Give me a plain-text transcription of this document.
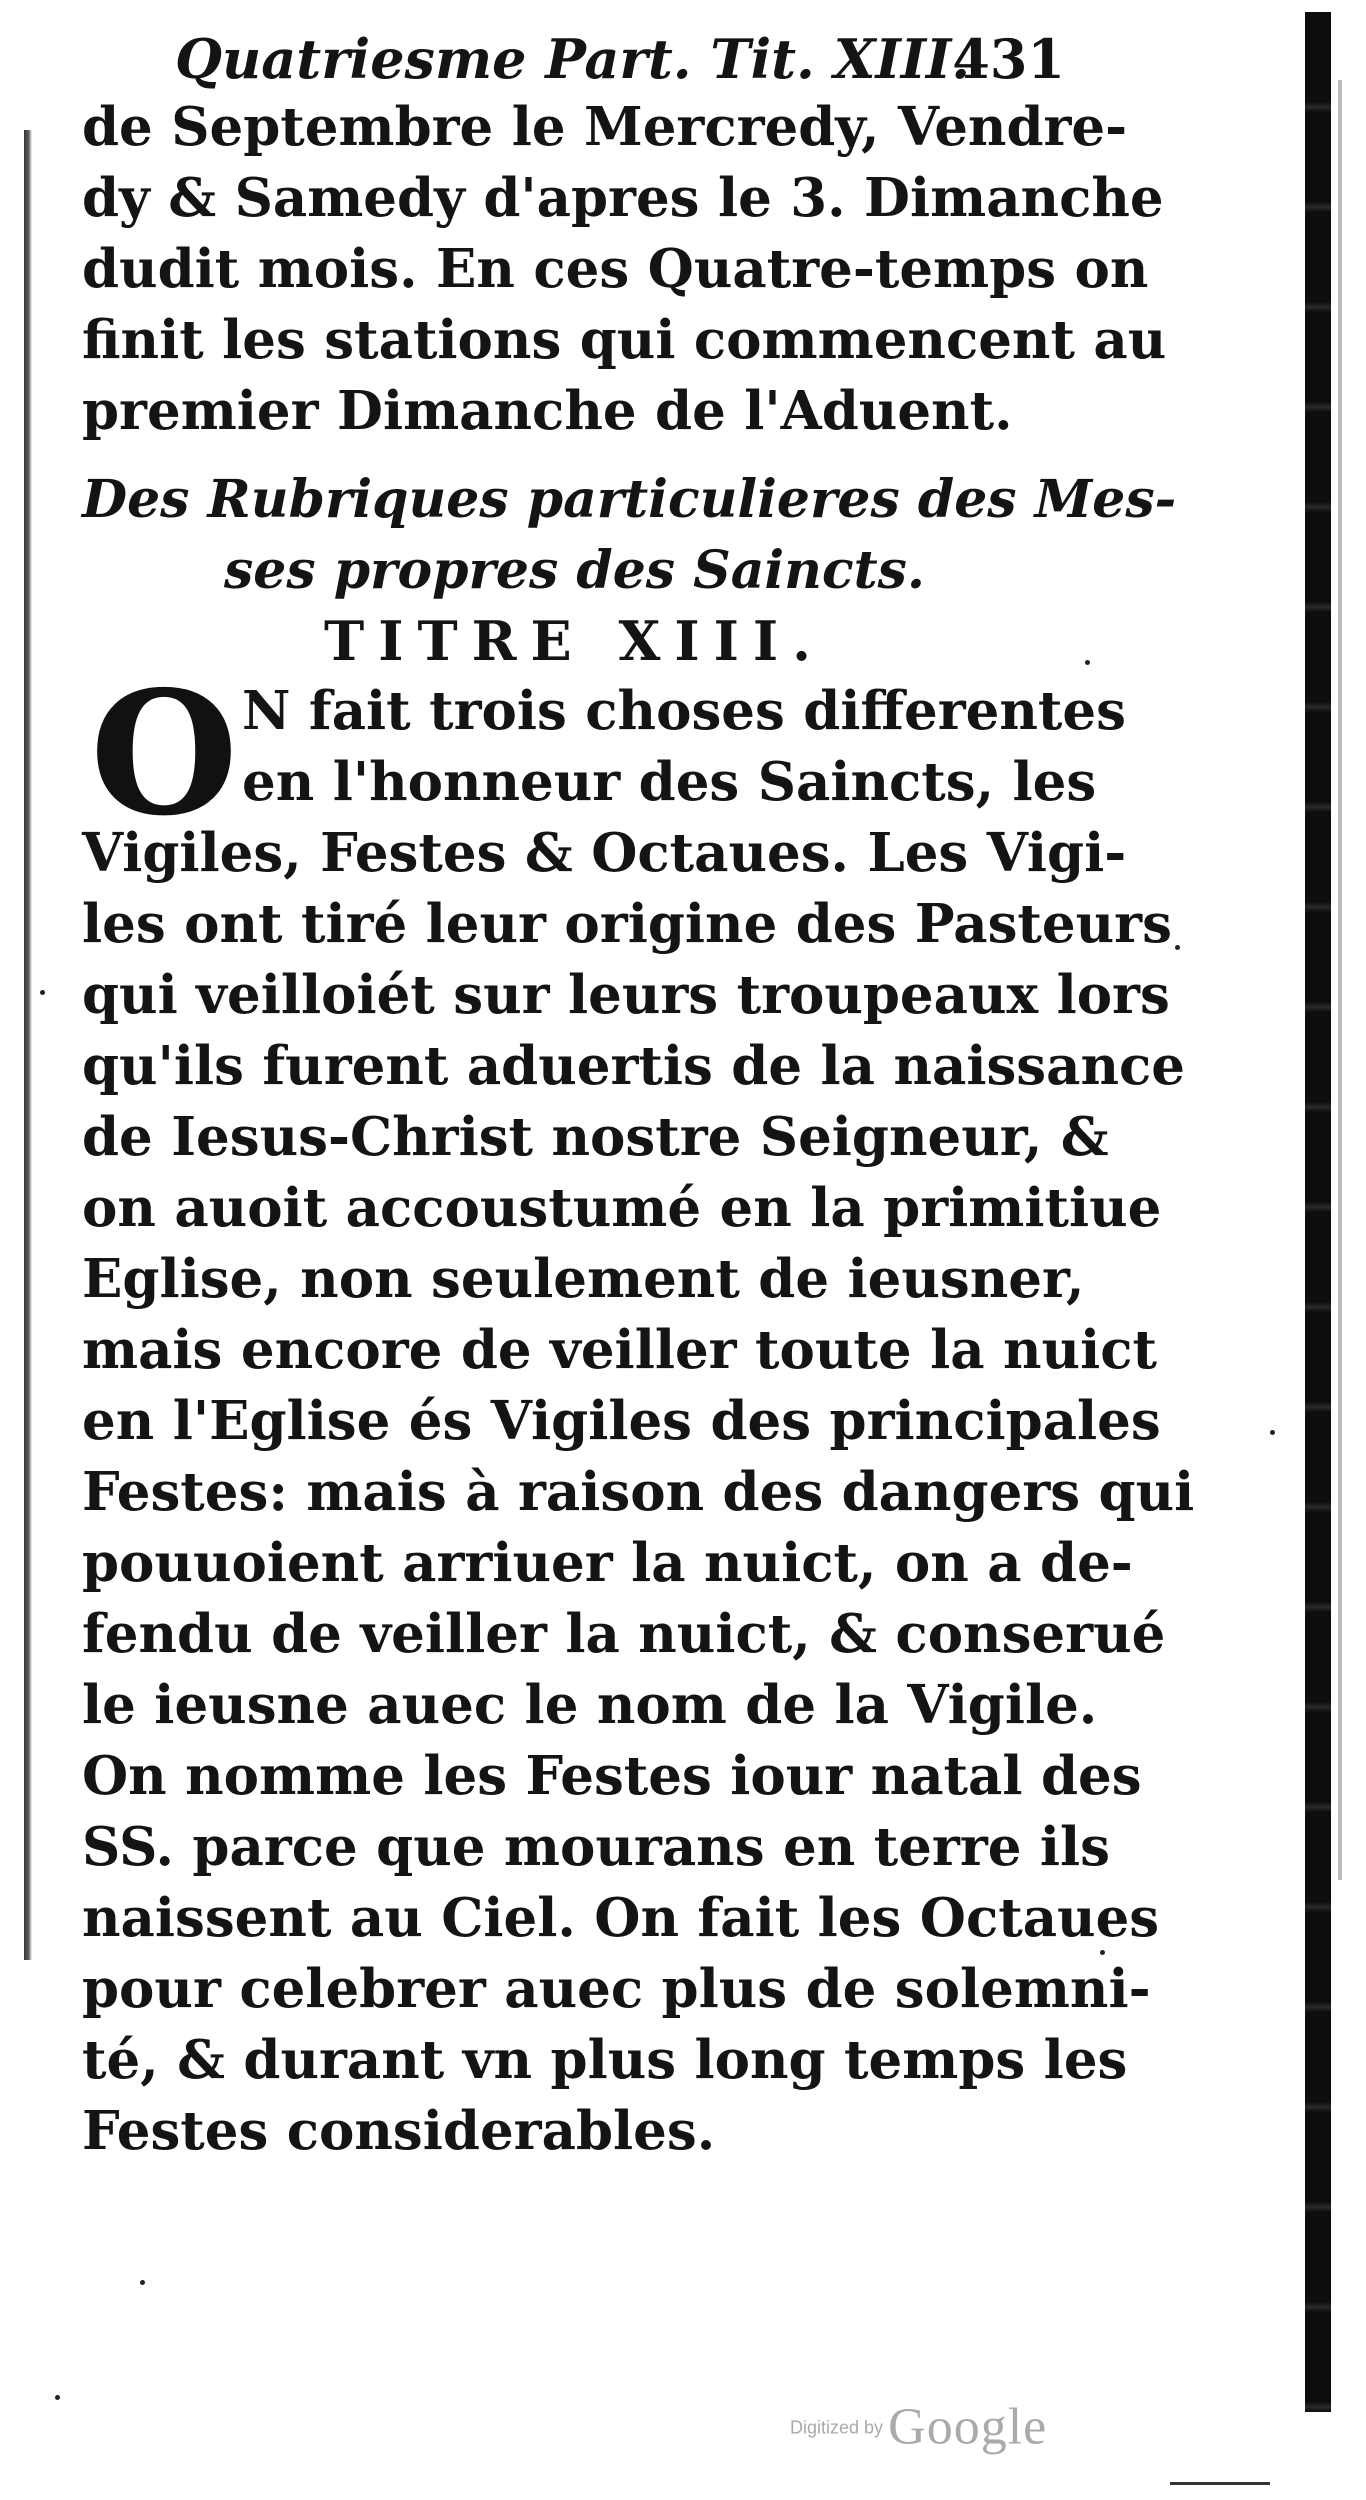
Quatriesme Part. Tit. XIII.
431
de Septembre le Mercredy, Vendre-
dy & Samedy d'apres le 3. Dimanche
dudit mois. En ces Quatre-temps on
finit les stations qui commencent au
premier Dimanche de l'Aduent.
Des Rubriques particulieres des Mes-
ses propres des Saincts.
TITRE XIII.
O N fait trois choses differentes
en l'honneur des Saincts, les
Vigiles, Festes & Octaues. Les Vigi-
les ont tiré leur origine des Pasteurs
qui veilloiét sur leurs troupeaux lors
qu'ils furent aduertis de la naissance
de Iesus-Christ nostre Seigneur, &
on auoit accoustumé en la primitiue
Eglise, non seulement de ieusner,
mais encore de veiller toute la nuict
en l'Eglise és Vigiles des principales
Festes: mais à raison des dangers qui
pouuoient arriuer la nuict, on a de-
fendu de veiller la nuict, & conserué
le ieusne auec le nom de la Vigile.
On nomme les Festes iour natal des
SS. parce que mourans en terre ils
naissent au Ciel. On fait les Octaues
pour celebrer auec plus de solemni-
té, & durant vn plus long temps les
Festes considerables.
Digitized by Google
